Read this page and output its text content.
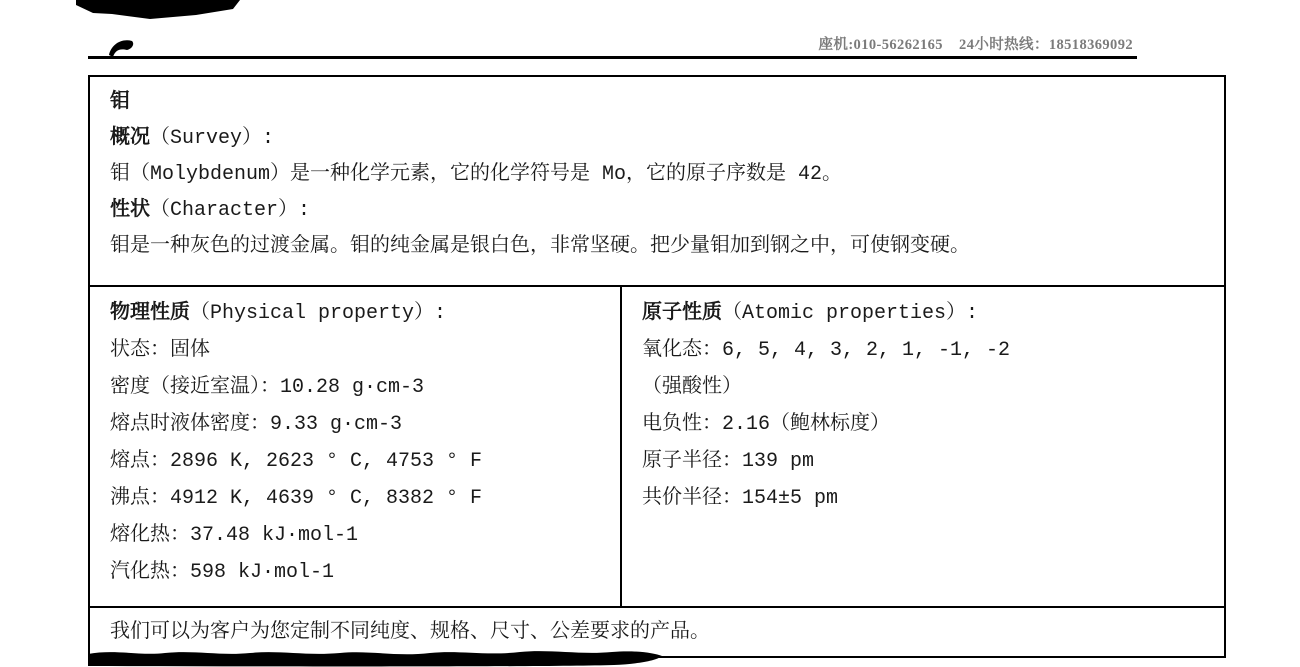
座机:010-56262165    24小时热线：18518369092
钼
概况（Survey）:
钼（Molybdenum）是一种化学元素，它的化学符号是 Mo，它的原子序数是 42。
性状（Character）:
钼是一种灰色的过渡金属。钼的纯金属是银白色，非常坚硬。把少量钼加到钢之中，可使钢变硬。
物理性质（Physical property）:
状态：固体
密度（接近室温）：10.28 g·cm-3
熔点时液体密度：9.33 g·cm-3
熔点：2896 K, 2623 ° C, 4753 ° F
沸点：4912 K, 4639 ° C, 8382 ° F
熔化热：37.48 kJ·mol-1
汽化热：598 kJ·mol-1
原子性质（Atomic properties）:
氧化态：6, 5, 4, 3, 2, 1, -1, -2
（强酸性）
电负性：2.16（鲍林标度）
原子半径：139 pm
共价半径：154±5 pm
我们可以为客户为您定制不同纯度、规格、尺寸、公差要求的产品。
